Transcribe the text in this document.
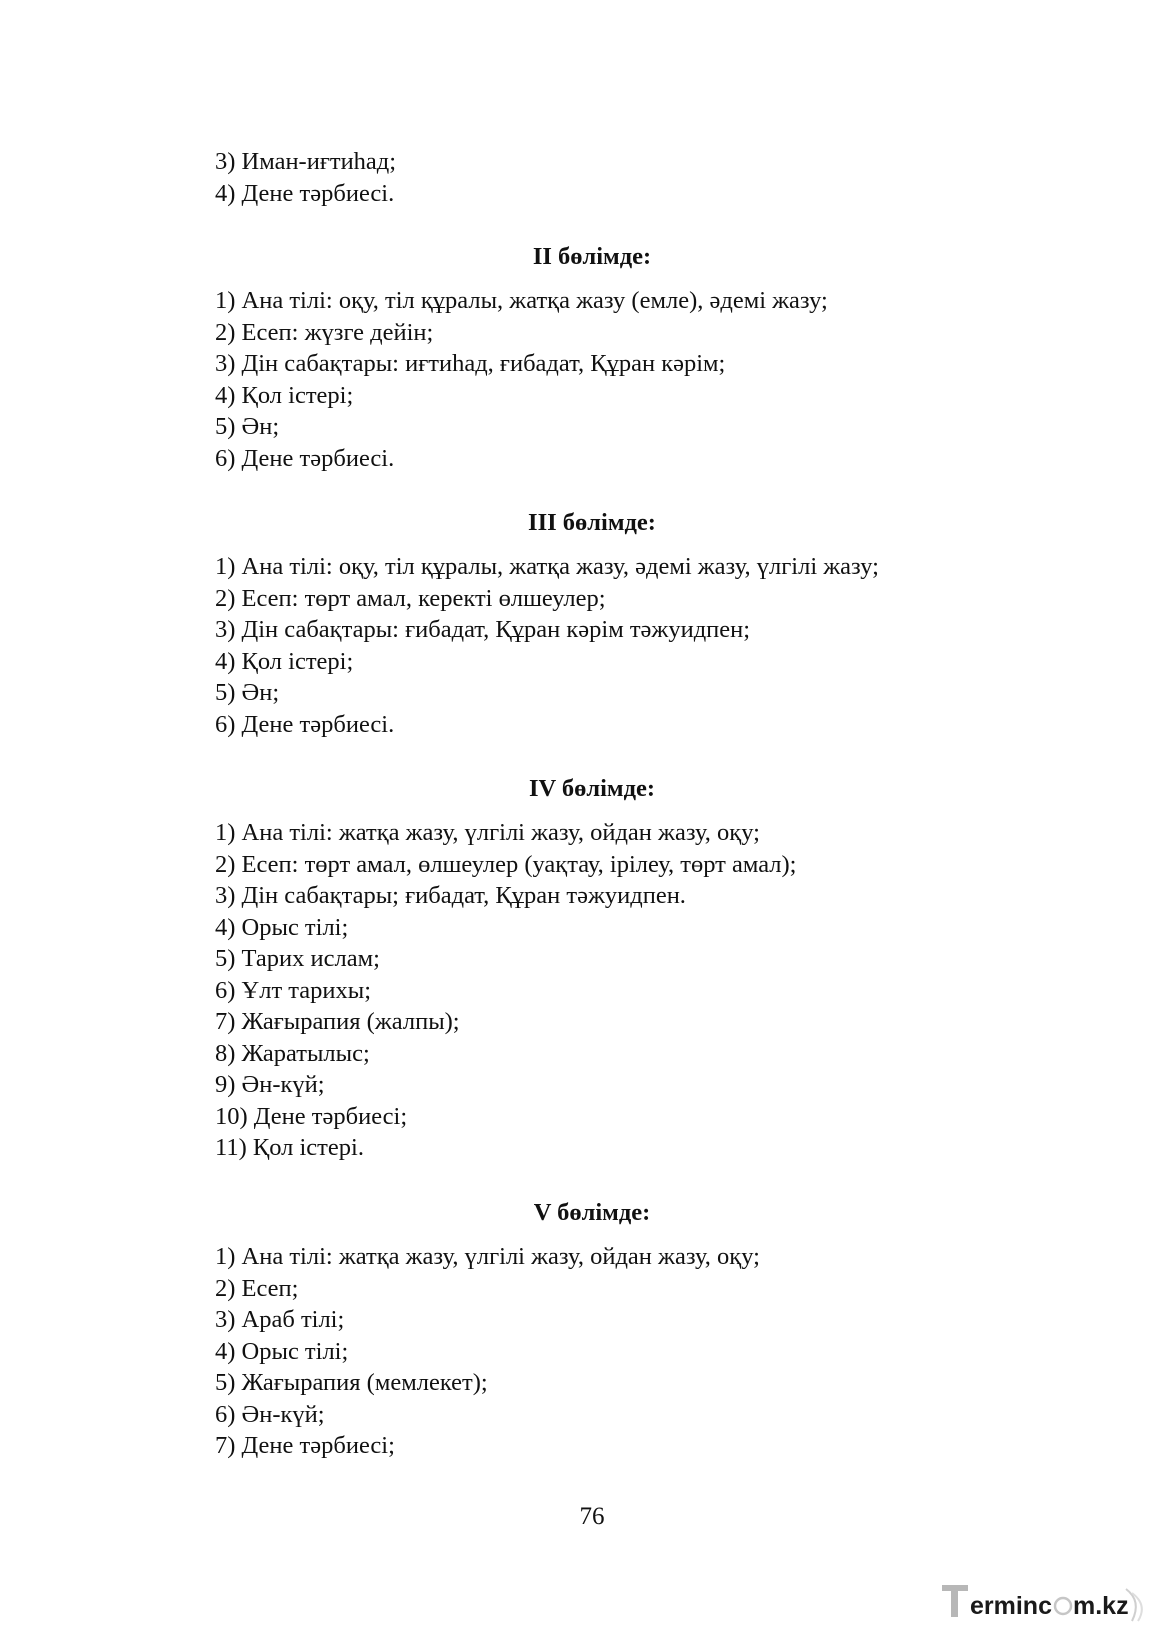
3) Иман-иғтиһад;
4) Дене тәрбиесі.
II бөлімде:
1) Ана тілі: оқу, тіл құралы, жатқа жазу (емле), әдемі жазу;
2) Есеп: жүзге дейін;
3) Дін сабақтары: иғтиһад, ғибадат, Құран кәрім;
4) Қол істері;
5) Ән;
6) Дене тәрбиесі.
III бөлімде:
1) Ана тілі: оқу, тіл құралы, жатқа жазу, әдемі жазу, үлгілі жазу;
2) Есеп: төрт амал, керекті өлшеулер;
3) Дін сабақтары: ғибадат, Құран кәрім тәжуидпен;
4) Қол істері;
5) Ән;
6) Дене тәрбиесі.
IV бөлімде:
1) Ана тілі: жатқа жазу, үлгілі жазу, ойдан жазу, оқу;
2) Есеп: төрт амал, өлшеулер (уақтау, ірілеу, төрт амал);
3) Дін сабақтары; ғибадат, Құран тәжуидпен.
4) Орыс тілі;
5) Тарих ислам;
6) Ұлт тарихы;
7) Жағырапия (жалпы);
8) Жаратылыс;
9) Ән-күй;
10) Дене тәрбиесі;
11) Қол істері.
V бөлімде:
1) Ана тілі: жатқа жазу, үлгілі жазу, ойдан жазу, оқу;
2) Есеп;
3) Араб тілі;
4) Орыс тілі;
5) Жағырапия (мемлекет);
6) Ән-күй;
7) Дене тәрбиесі;
76
erminc m.kz
